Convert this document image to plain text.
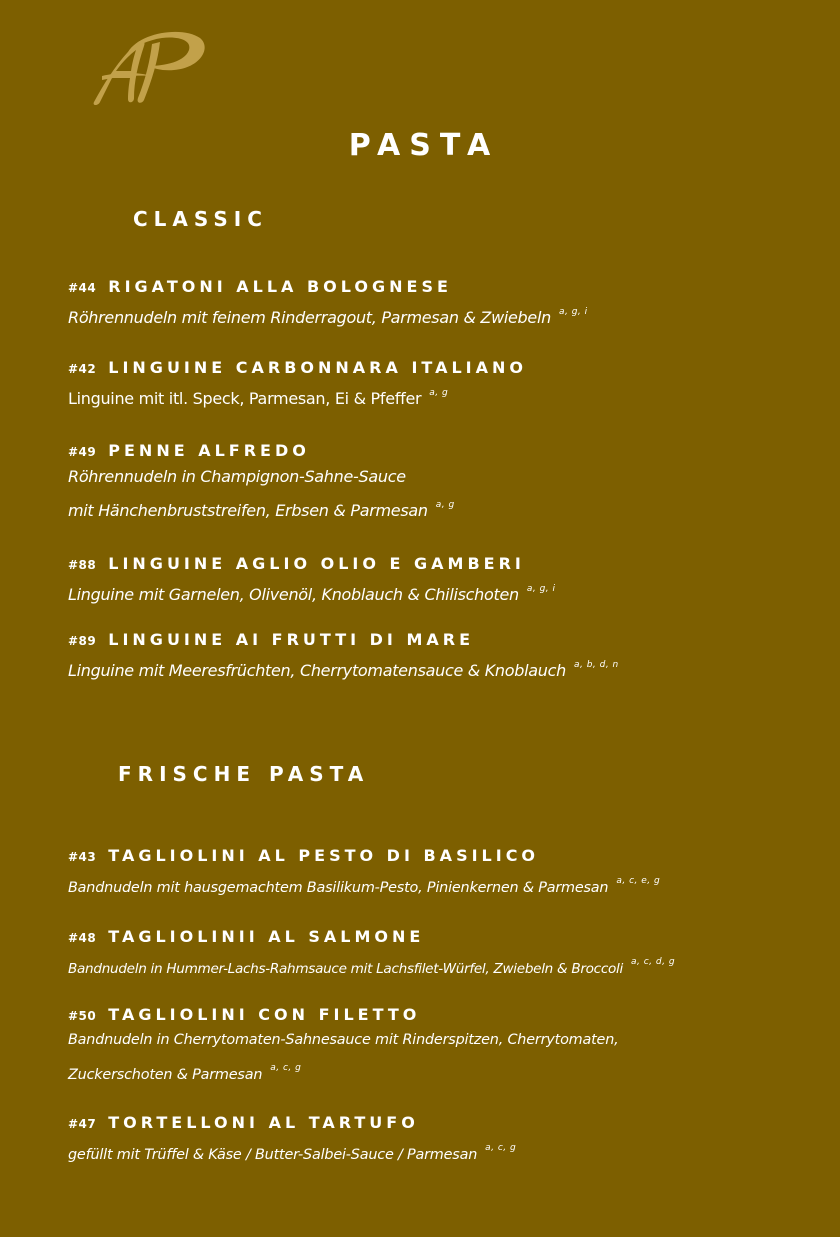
PASTA
CLASSIC
#44 RIGATONI ALLA BOLOGNESE
Röhrennudeln mit feinem Rinderragout, Parmesan & Zwiebeln $^{a, g, i}$
#42 LINGUINE CARBONNARA ITALIANO
Linguine mit itl. Speck, Parmesan, Ei & Pfeffer $^{a, g}$
#49 PENNE ALFREDO
Röhrennudeln in Champignon-Sahne-Sauce
mit Hänchenbruststreifen, Erbsen & Parmesan $^{a, g}$
#88 LINGUINE AGLIO OLIO E GAMBERI
Linguine mit Garnelen, Olivenöl, Knoblauch & Chilischoten $^{a, g, i}$
#89 LINGUINE AI FRUTTI DI MARE
Linguine mit Meeresfrüchten, Cherrytomatensauce & Knoblauch $^{a, b, d, n}$
FRISCHE PASTA
#43 TAGLIOLINI AL PESTO DI BASILICO
Bandnudeln mit hausgemachtem Basilikum-Pesto, Pinienkernen & Parmesan $^{a, c, e, g}$
#48 TAGLIOLINII AL SALMONE
Bandnudeln in Hummer-Lachs-Rahmsauce mit Lachsfilet-Würfel, Zwiebeln & Broccoli $^{a, c, d, g}$
#50 TAGLIOLINI CON FILETTO
Bandnudeln in Cherrytomaten-Sahnesauce mit Rinderspitzen, Cherrytomaten,
Zuckerschoten & Parmesan $^{a, c, g}$
#47 TORTELLONI AL TARTUFO
gefüllt mit Trüffel & Käse / Butter-Salbei-Sauce / Parmesan $^{a, c, g}$
